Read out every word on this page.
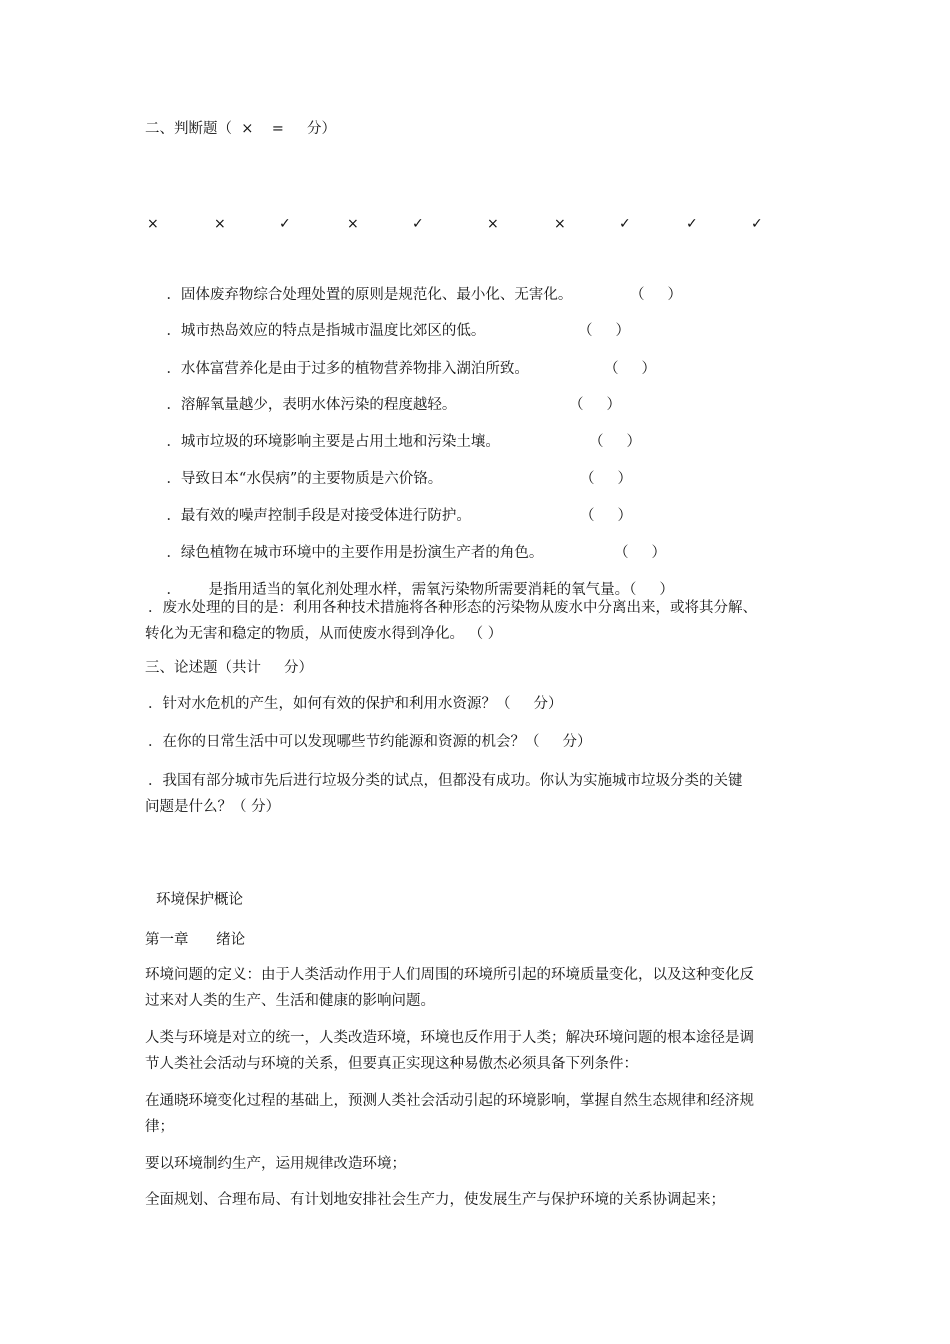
二、判断题（  ×    =     分）
×	×	✓	×	✓	×	×	✓	✓	✓

．固体废弃物综合处理处置的原则是规范化、最小化、无害化。	（     ）

．城市热岛效应的特点是指城市温度比郊区的低。	（     ）

．水体富营养化是由于过多的植物营养物排入湖泊所致。	（     ）

．溶解氧量越少，表明水体污染的程度越轻。	（     ）

．城市垃圾的环境影响主要是占用土地和污染土壤。	（     ）

．导致日本“水俣病”的主要物质是六价铬。	（     ）

．最有效的噪声控制手段是对接受体进行防护。	（     ）

．绿色植物在城市环境中的主要作用是扮演生产者的角色。	（     ）

．      是指用适当的氧化剂处理水样，需氧污染物所需要消耗的氧气量。（     ）

．废水处理的目的是：利用各种技术措施将各种形态的污染物从废水中分离出来，或将其分解、
转化为无害和稳定的物质，从而使废水得到净化。 （ ）
三、论述题（共计     分）
．针对水危机的产生，如何有效的保护和利用水资源？（     分）
．在你的日常生活中可以发现哪些节约能源和资源的机会？（     分）
．我国有部分城市先后进行垃圾分类的试点，但都没有成功。你认为实施城市垃圾分类的关键
问题是什么？（ 分）
环境保护概论
第一章      绪论
环境问题的定义：由于人类活动作用于人们周围的环境所引起的环境质量变化，以及这种变化反
过来对人类的生产、生活和健康的影响问题。
人类与环境是对立的统一，人类改造环境，环境也反作用于人类；解决环境问题的根本途径是调
节人类社会活动与环境的关系，但要真正实现这种易傲杰必须具备下列条件：
在通晓环境变化过程的基础上，预测人类社会活动引起的环境影响，掌握自然生态规律和经济规
律；
要以环境制约生产，运用规律改造环境；
全面规划、合理布局、有计划地安排社会生产力，使发展生产与保护环境的关系协调起来；
